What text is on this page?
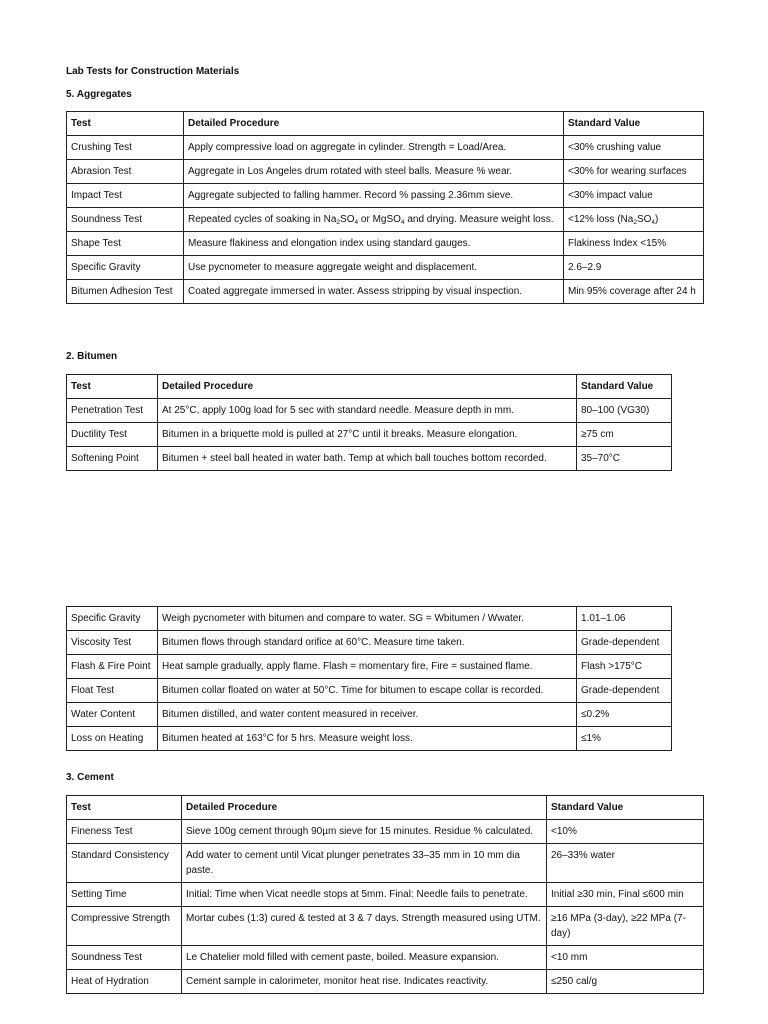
Lab Tests for Construction Materials
5. Aggregates
Test	Detailed Procedure	Standard Value
Crushing Test	Apply compressive load on aggregate in cylinder. Strength = Load/Area.	<30% crushing value
Abrasion Test	Aggregate in Los Angeles drum rotated with steel balls. Measure % wear.	<30% for wearing surfaces
Impact Test	Aggregate subjected to falling hammer. Record % passing 2.36mm sieve.	<30% impact value
Soundness Test	Repeated cycles of soaking in $Na_2SO_4$ or MgSO$_4$ and drying. Measure weight loss.	<12% loss $(Na_2SO_4)$
Shape Test	Measure flakiness and elongation index using standard gauges.	Flakiness Index <15%
Specific Gravity	Use pycnometer to measure aggregate weight and displacement.	2.6–2.9
Bitumen Adhesion Test	Coated aggregate immersed in water. Assess stripping by visual inspection.	Min 95% coverage after 24 h
2. Bitumen
Test	Detailed Procedure	Standard Value
Penetration Test	At 25°C, apply 100g load for 5 sec with standard needle. Measure depth in mm.	80–100 (VG30)
Ductility Test	Bitumen in a briquette mold is pulled at 27°C until it breaks. Measure elongation.	≥75 cm
Softening Point	Bitumen + steel ball heated in water bath. Temp at which ball touches bottom recorded.	35–70°C
Specific Gravity	Weigh pycnometer with bitumen and compare to water. SG = Wbitumen / Wwater.	1.01–1.06
Viscosity Test	Bitumen flows through standard orifice at 60°C. Measure time taken.	Grade-dependent
Flash & Fire Point	Heat sample gradually, apply flame. Flash = momentary fire, Fire = sustained flame.	Flash >175°C
Float Test	Bitumen collar floated on water at 50°C. Time for bitumen to escape collar is recorded.	Grade-dependent
Water Content	Bitumen distilled, and water content measured in receiver.	≤0.2%
Loss on Heating	Bitumen heated at 163°C for 5 hrs. Measure weight loss.	≤1%
3. Cement
Test	Detailed Procedure	Standard Value
Fineness Test	Sieve 100g cement through 90µm sieve for 15 minutes. Residue % calculated.	<10%
Standard Consistency	Add water to cement until Vicat plunger penetrates 33–35 mm in 10 mm dia paste.	26–33% water
Setting Time	Initial: Time when Vicat needle stops at 5mm. Final: Needle fails to penetrate.	Initial ≥30 min, Final ≤600 min
Compressive Strength	Mortar cubes (1:3) cured & tested at 3 & 7 days. Strength measured using UTM.	≥16 MPa (3-day), ≥22 MPa (7-day)
Soundness Test	Le Chatelier mold filled with cement paste, boiled. Measure expansion.	<10 mm
Heat of Hydration	Cement sample in calorimeter, monitor heat rise. Indicates reactivity.	≤250 cal/g
